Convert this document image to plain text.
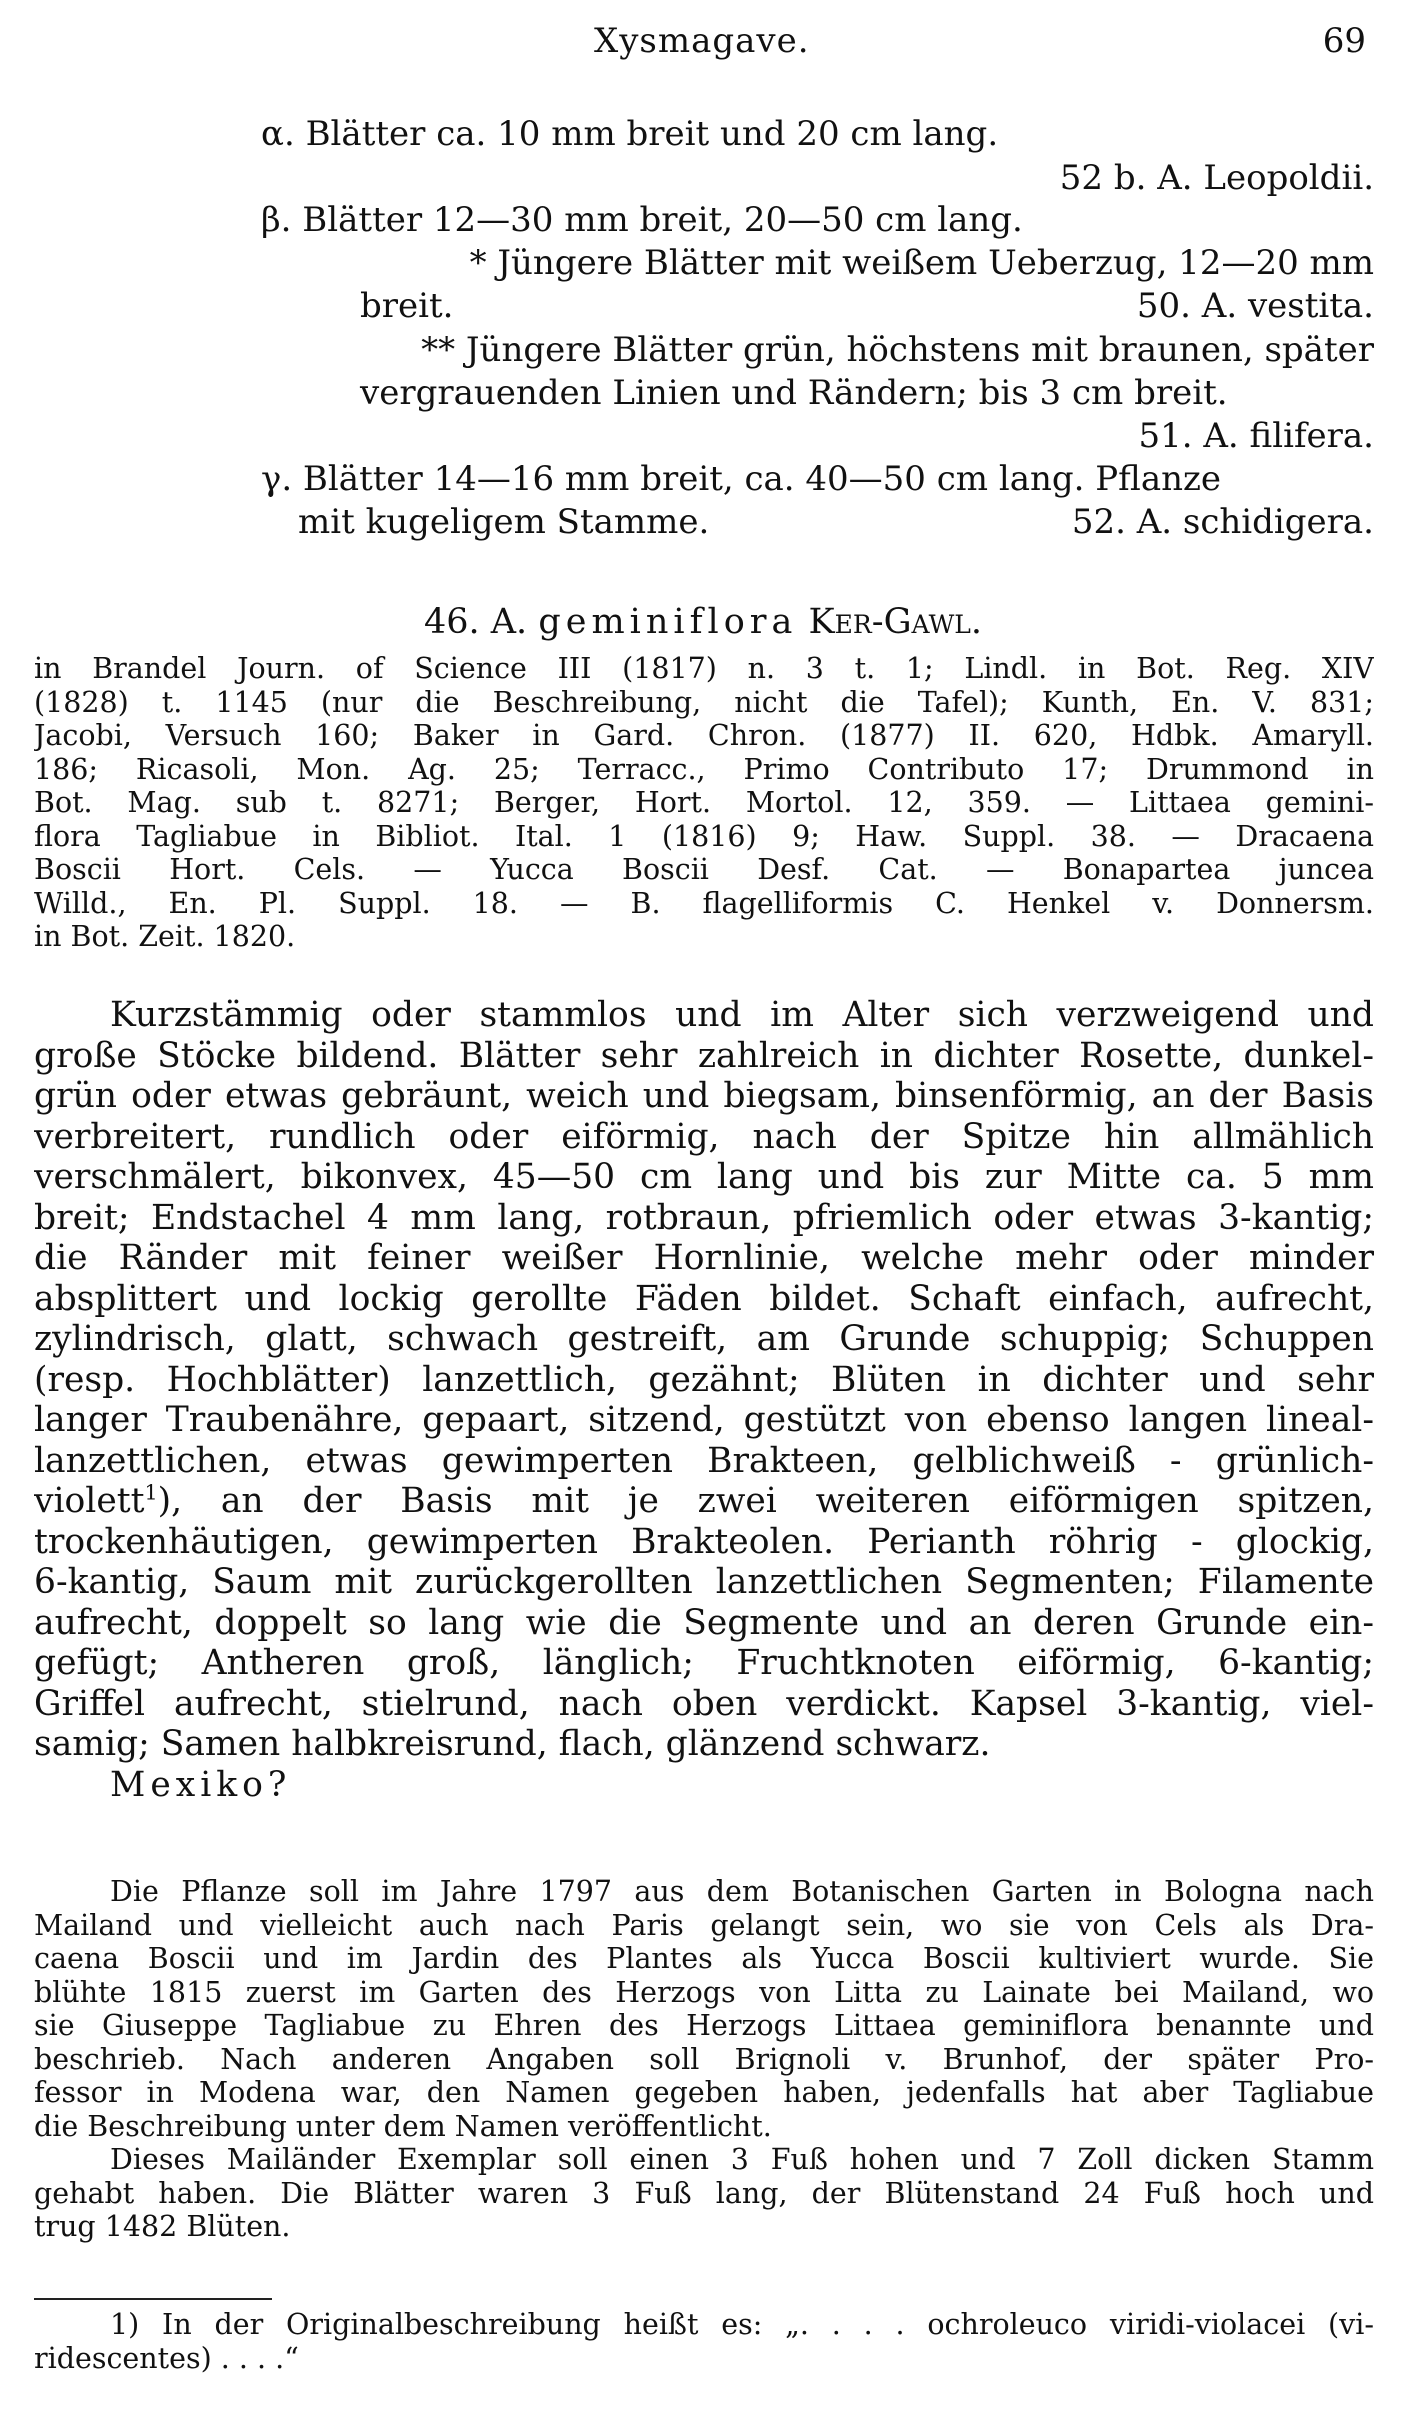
Xysmagave.	69
α. Blätter ca. 10 mm breit und 20 cm lang.
52 b. A. Leopoldii.
β. Blätter 12—30 mm breit, 20—50 cm lang.
* Jüngere Blätter mit weißem Ueberzug, 12—20 mm
breit.	50. A. vestita.
** Jüngere Blätter grün, höchstens mit braunen, später
vergrauenden Linien und Rändern; bis 3 cm breit.
51. A. filifera.
γ. Blätter 14—16 mm breit, ca. 40—50 cm lang. Pflanze
mit kugeligem Stamme.	52. A. schidigera.
46. A. geminiflora Ker-Gawl.
in Brandel Journ. of Science III (1817) n. 3 t. 1; Lindl. in Bot. Reg. XIV
(1828) t. 1145 (nur die Beschreibung, nicht die Tafel); Kunth, En. V. 831;
Jacobi, Versuch 160; Baker in Gard. Chron. (1877) II. 620, Hdbk. Amaryll.
186; Ricasoli, Mon. Ag. 25; Terracc., Primo Contributo 17; Drummond in
Bot. Mag. sub t. 8271; Berger, Hort. Mortol. 12, 359. — Littaea gemini-
flora Tagliabue in Bibliot. Ital. 1 (1816) 9; Haw. Suppl. 38. — Dracaena
Boscii Hort. Cels. — Yucca Boscii Desf. Cat. — Bonapartea juncea
Willd., En. Pl. Suppl. 18. — B. flagelliformis C. Henkel v. Donnersm.
in Bot. Zeit. 1820.
Kurzstämmig oder stammlos und im Alter sich verzweigend und
große Stöcke bildend. Blätter sehr zahlreich in dichter Rosette, dunkel-
grün oder etwas gebräunt, weich und biegsam, binsenförmig, an der Basis
verbreitert, rundlich oder eiförmig, nach der Spitze hin allmählich
verschmälert, bikonvex, 45—50 cm lang und bis zur Mitte ca. 5 mm
breit; Endstachel 4 mm lang, rotbraun, pfriemlich oder etwas 3-kantig;
die Ränder mit feiner weißer Hornlinie, welche mehr oder minder
absplittert und lockig gerollte Fäden bildet. Schaft einfach, aufrecht,
zylindrisch, glatt, schwach gestreift, am Grunde schuppig; Schuppen
(resp. Hochblätter) lanzettlich, gezähnt; Blüten in dichter und sehr
langer Traubenähre, gepaart, sitzend, gestützt von ebenso langen lineal-
lanzettlichen, etwas gewimperten Brakteen, gelblichweiß - grünlich-
violett$^1$), an der Basis mit je zwei weiteren eiförmigen spitzen,
trockenhäutigen, gewimperten Brakteolen. Perianth röhrig - glockig,
6-kantig, Saum mit zurückgerollten lanzettlichen Segmenten; Filamente
aufrecht, doppelt so lang wie die Segmente und an deren Grunde ein-
gefügt; Antheren groß, länglich; Fruchtknoten eiförmig, 6-kantig;
Griffel aufrecht, stielrund, nach oben verdickt. Kapsel 3-kantig, viel-
samig; Samen halbkreisrund, flach, glänzend schwarz.
Mexiko?
Die Pflanze soll im Jahre 1797 aus dem Botanischen Garten in Bologna nach
Mailand und vielleicht auch nach Paris gelangt sein, wo sie von Cels als Dra-
caena Boscii und im Jardin des Plantes als Yucca Boscii kultiviert wurde. Sie
blühte 1815 zuerst im Garten des Herzogs von Litta zu Lainate bei Mailand, wo
sie Giuseppe Tagliabue zu Ehren des Herzogs Littaea geminiflora benannte und
beschrieb. Nach anderen Angaben soll Brignoli v. Brunhof, der später Pro-
fessor in Modena war, den Namen gegeben haben, jedenfalls hat aber Tagliabue
die Beschreibung unter dem Namen veröffentlicht.
Dieses Mailänder Exemplar soll einen 3 Fuß hohen und 7 Zoll dicken Stamm
gehabt haben. Die Blätter waren 3 Fuß lang, der Blütenstand 24 Fuß hoch und
trug 1482 Blüten.
1) In der Originalbeschreibung heißt es: „. . . . ochroleuco viridi-violacei (vi-
ridescentes) . . . .“
